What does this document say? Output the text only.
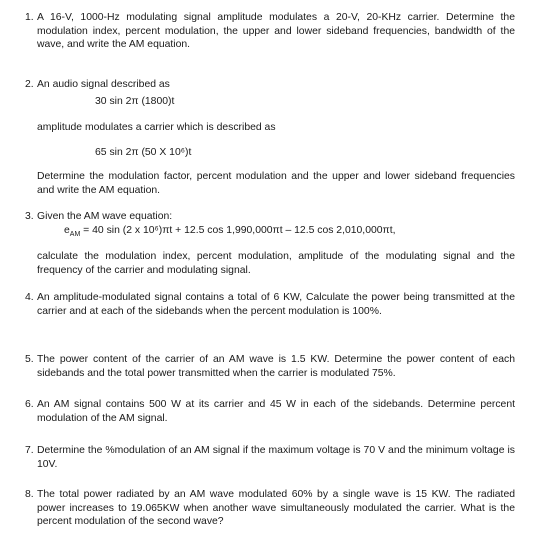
1. A 16-V, 1000-Hz modulating signal amplitude modulates a 20-V, 20-KHz carrier. Determine the modulation index, percent modulation, the upper and lower sideband frequencies, bandwidth of the wave, and write the AM equation.

2. An audio signal described as

30 sin 2π (1800)t

amplitude modulates a carrier which is described as

65 sin 2π (50 X 10⁶)t

Determine the modulation factor, percent modulation and the upper and lower sideband frequencies and write the AM equation.

3. Given the AM wave equation:

$e_{AM} = 40$ sin (2 x 10⁶)πt + 12.5 cos 1,990,000πt – 12.5 cos 2,010,000πt,

calculate the modulation index, percent modulation, amplitude of the modulating signal and the frequency of the carrier and modulating signal.

4. An amplitude-modulated signal contains a total of 6 KW, Calculate the power being transmitted at the carrier and at each of the sidebands when the percent modulation is 100%.

5. The power content of the carrier of an AM wave is 1.5 KW. Determine the power content of each sidebands and the total power transmitted when the carrier is modulated 75%.

6. An AM signal contains 500 W at its carrier and 45 W in each of the sidebands. Determine percent modulation of the AM signal.

7. Determine the %modulation of an AM signal if the maximum voltage is 70 V and the minimum voltage is 10V.

8. The total power radiated by an AM wave modulated 60% by a single wave is 15 KW. The radiated power increases to 19.065KW when another wave simultaneously modulated the carrier. What is the percent modulation of the second wave?
